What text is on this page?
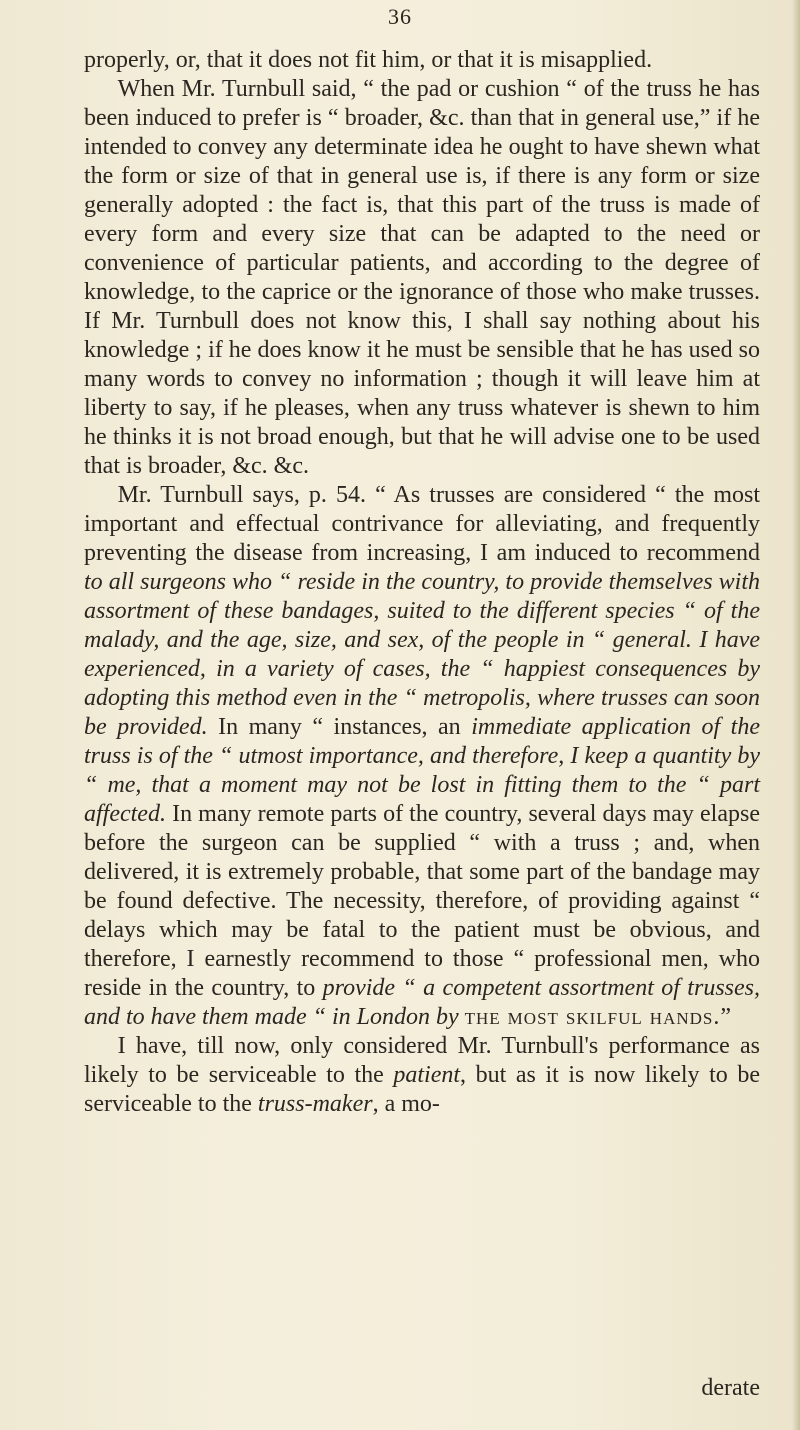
36

properly, or, that it does not fit him, or that it is misapplied.

When Mr. Turnbull said, “ the pad or cushion “ of the truss he has been induced to prefer is “ broader, &c. than that in general use,” if he intended to convey any determinate idea he ought to have shewn what the form or size of that in general use is, if there is any form or size generally adopted : the fact is, that this part of the truss is made of every form and every size that can be adapted to the need or convenience of particular patients, and according to the degree of knowledge, to the caprice or the ignorance of those who make trusses. If Mr. Turnbull does not know this, I shall say nothing about his knowledge ; if he does know it he must be sensible that he has used so many words to convey no information ; though it will leave him at liberty to say, if he pleases, when any truss whatever is shewn to him he thinks it is not broad enough, but that he will advise one to be used that is broader, &c. &c.

Mr. Turnbull says, p. 54. “ As trusses are considered “ the most important and effectual contrivance for alleviating, and frequently preventing the disease from increasing, I am induced to recommend to all surgeons who “ reside in the country, to provide themselves with assortment of these bandages, suited to the different species “ of the malady, and the age, size, and sex, of the people in “ general. I have experienced, in a variety of cases, the “ happiest consequences by adopting this method even in the “ metropolis, where trusses can soon be provided. In many “ instances, an immediate application of the truss is of the “ utmost importance, and therefore, I keep a quantity by “ me, that a moment may not be lost in fitting them to the “ part affected. In many remote parts of the country, several days may elapse before the surgeon can be supplied “ with a truss ; and, when delivered, it is extremely probable, that some part of the bandage may be found defective. The necessity, therefore, of providing against “ delays which may be fatal to the patient must be obvious, and therefore, I earnestly recommend to those “ professional men, who reside in the country, to provide “ a competent assortment of trusses, and to have them made “ in London by the most skilful hands.”

I have, till now, only considered Mr. Turnbull's performance as likely to be serviceable to the patient, but as it is now likely to be serviceable to the truss-maker, a mo-

derate
